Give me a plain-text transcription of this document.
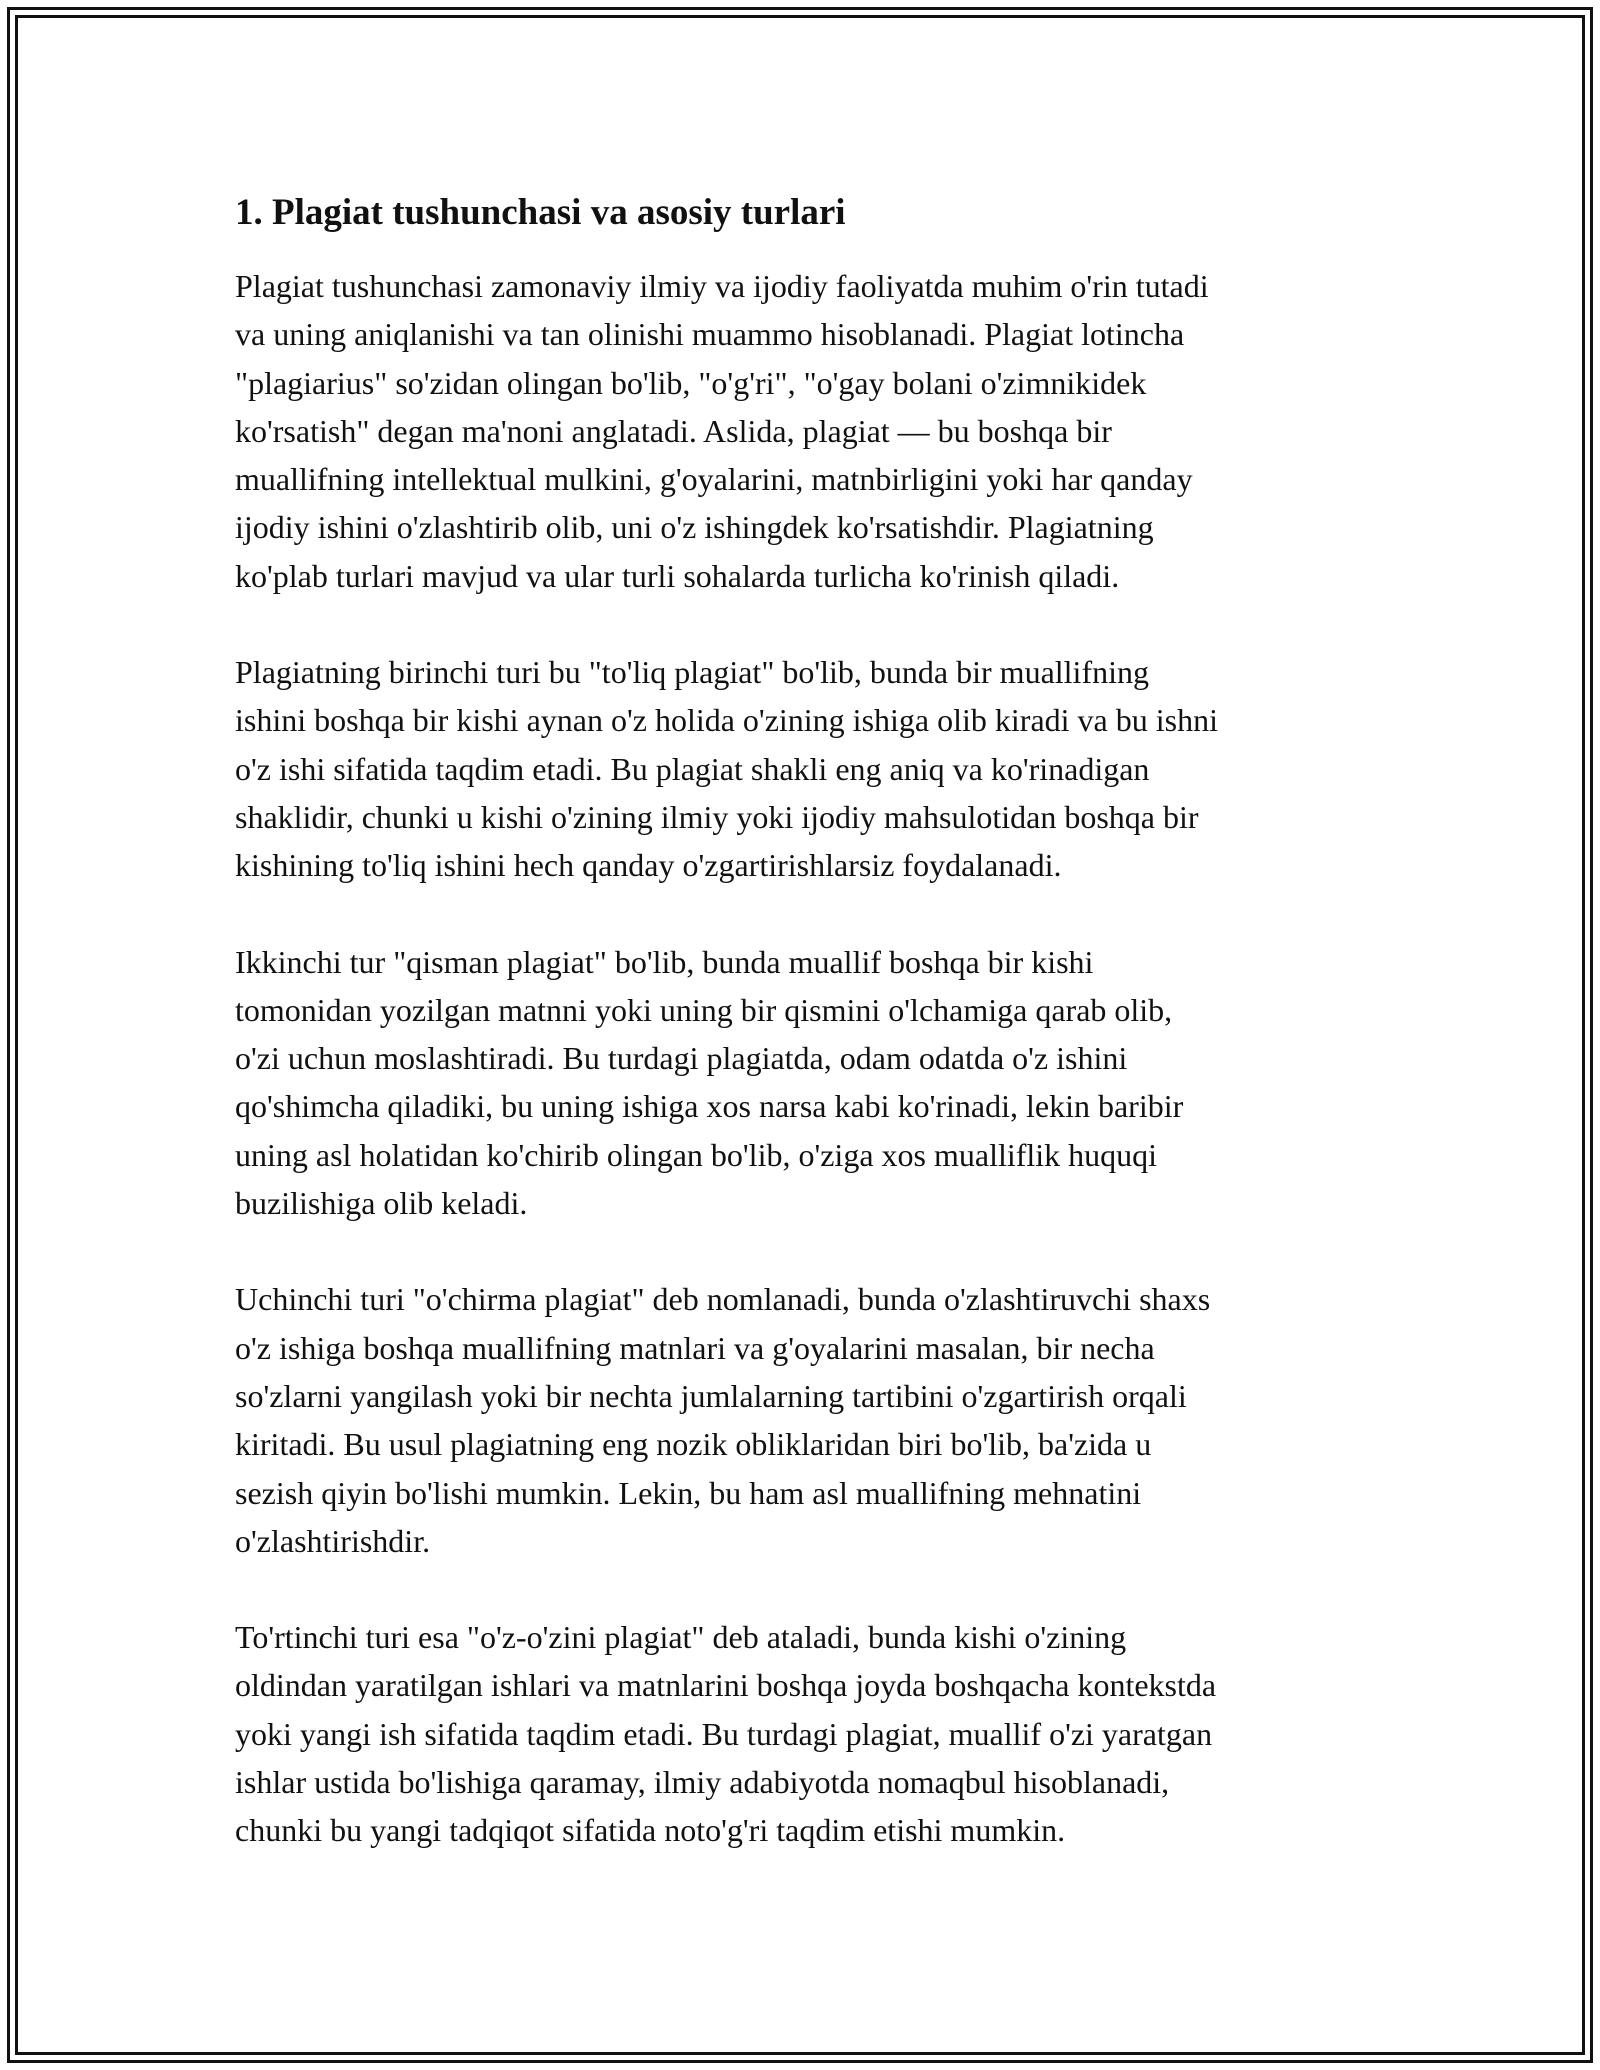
1. Plagiat tushunchasi va asosiy turlari

Plagiat tushunchasi zamonaviy ilmiy va ijodiy faoliyatda muhim o'rin tutadi
va uning aniqlanishi va tan olinishi muammo hisoblanadi. Plagiat lotincha
"plagiarius" so'zidan olingan bo'lib, "o'g'ri", "o'gay bolani o'zimnikidek
ko'rsatish" degan ma'noni anglatadi. Aslida, plagiat — bu boshqa bir
muallifning intellektual mulkini, g'oyalarini, matnbirligini yoki har qanday
ijodiy ishini o'zlashtirib olib, uni o'z ishingdek ko'rsatishdir. Plagiatning
ko'plab turlari mavjud va ular turli sohalarda turlicha ko'rinish qiladi.

Plagiatning birinchi turi bu "to'liq plagiat" bo'lib, bunda bir muallifning
ishini boshqa bir kishi aynan o'z holida o'zining ishiga olib kiradi va bu ishni
o'z ishi sifatida taqdim etadi. Bu plagiat shakli eng aniq va ko'rinadigan
shaklidir, chunki u kishi o'zining ilmiy yoki ijodiy mahsulotidan boshqa bir
kishining to'liq ishini hech qanday o'zgartirishlarsiz foydalanadi.

Ikkinchi tur "qisman plagiat" bo'lib, bunda muallif boshqa bir kishi
tomonidan yozilgan matnni yoki uning bir qismini o'lchamiga qarab olib,
o'zi uchun moslashtiradi. Bu turdagi plagiatda, odam odatda o'z ishini
qo'shimcha qiladiki, bu uning ishiga xos narsa kabi ko'rinadi, lekin baribir
uning asl holatidan ko'chirib olingan bo'lib, o'ziga xos mualliflik huquqi
buzilishiga olib keladi.

Uchinchi turi "o'chirma plagiat" deb nomlanadi, bunda o'zlashtiruvchi shaxs
o'z ishiga boshqa muallifning matnlari va g'oyalarini masalan, bir necha
so'zlarni yangilash yoki bir nechta jumlalarning tartibini o'zgartirish orqali
kiritadi. Bu usul plagiatning eng nozik obliklaridan biri bo'lib, ba'zida u
sezish qiyin bo'lishi mumkin. Lekin, bu ham asl muallifning mehnatini
o'zlashtirishdir.

To'rtinchi turi esa "o'z-o'zini plagiat" deb ataladi, bunda kishi o'zining
oldindan yaratilgan ishlari va matnlarini boshqa joyda boshqacha kontekstda
yoki yangi ish sifatida taqdim etadi. Bu turdagi plagiat, muallif o'zi yaratgan
ishlar ustida bo'lishiga qaramay, ilmiy adabiyotda nomaqbul hisoblanadi,
chunki bu yangi tadqiqot sifatida noto'g'ri taqdim etishi mumkin.
